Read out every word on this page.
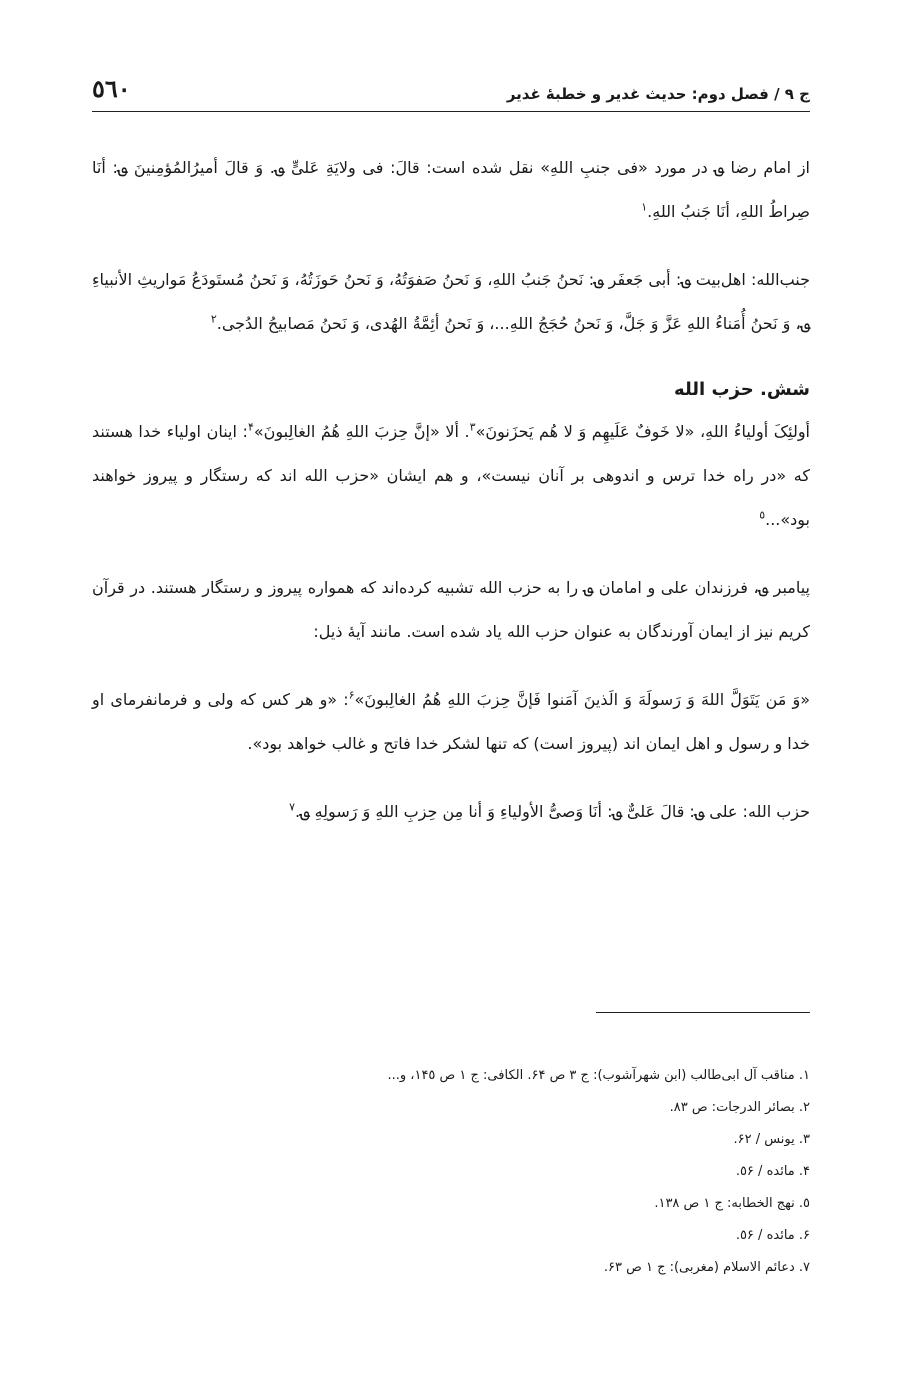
ج ۹ / فصل دوم: حدیث غدیر و خطبهٔ غدیر
٥٦٠

از امام رضا ؈ در مورد «فی جنبِ اللهِ» نقل شده است: قالَ: فی ولایَةِ عَلیٍّ ؈. وَ قالَ أمیرُالمُؤمِنینَ ؈: أنَا صِراطُ اللهِ، أنَا جَنبُ اللهِ.$^١$

جنب‌الله: اهل‌بیت ؈: أبی جَعفَر ؈: نَحنُ جَنبُ اللهِ، وَ نَحنُ صَفوَتُهُ، وَ نَحنُ حَوزَتُهُ، وَ نَحنُ مُستَودَعُ مَواریثِ الأنبیاءِ ؈، وَ نَحنُ أُمَناءُ اللهِ عَزَّ وَ جَلَّ، وَ نَحنُ حُجَجُ اللهِ...، وَ نَحنُ أئِمَّةُ الهُدی، وَ نَحنُ مَصابیحُ الدُجی.$^٢$

شش. حزب الله

أولئِکَ أولیاءُ اللهِ، «لا خَوفٌ عَلَیهِم وَ لا هُم یَحزَنونَ»$^٣$. ألا «إنَّ حِزبَ اللهِ هُمُ الغالِبونَ»$^۴$: اینان اولیاء خدا هستند که «در راه خدا ترس و اندوهی بر آنان نیست»، و هم ایشان «حزب الله اند که رستگار و پیروز خواهند بود»...$^٥$

پیامبر ؈، فرزندان علی و امامان ؈ را به حزب الله تشبیه کرده‌اند که همواره پیروز و رستگار هستند. در قرآن کریم نیز از ایمان آورندگان به عنوان حزب الله یاد شده است. مانند آیهٔ ذیل:

«وَ مَن یَتَوَلَّ اللهَ وَ رَسولَهَ وَ الَذینَ آمَنوا فَإنَّ حِزبَ اللهِ هُمُ الغالِبونَ»$^۶$: «و هر کس که ولی و فرمانفرمای او خدا و رسول و اهل ایمان اند (پیروز است) که تنها لشکر خدا فاتح و غالب خواهد بود».

حزب الله: علی ؈: قالَ عَلیٌّ ؈: أنَا وَصیُّ الأولیاءِ وَ أنا مِن حِزبِ اللهِ وَ رَسولِهِ ؈.$^٧$

١. مناقب آل ابی‌طالب (ابن شهرآشوب): ج ٣ ص ۶۴. الکافی: ج ١ ص ١۴٥، و...
٢. بصائر الدرجات: ص ٨٣.
٣. یونس / ۶٢.
۴. مائده / ٥۶.
٥. نهج الخطابه: ج ١ ص ١٣٨.
۶. مائده / ٥۶.
٧. دعائم الاسلام (مغربی): ج ١ ص ۶٣.
